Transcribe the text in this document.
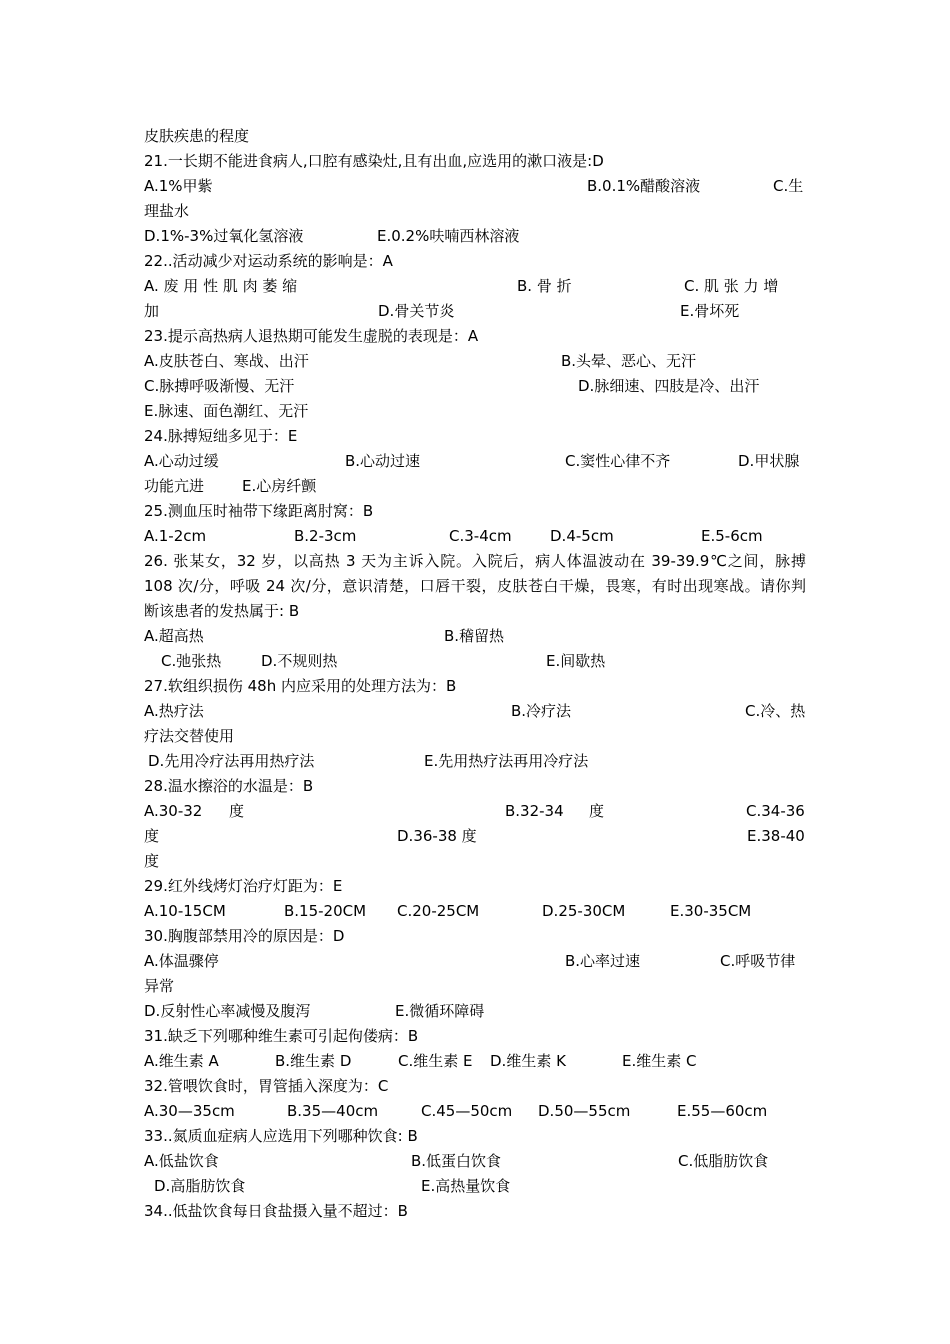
皮肤疾患的程度
21.一长期不能进食病人,口腔有感染灶,且有出血,应选用的漱口液是:D
A.1%甲紫	B.0.1%醋酸溶液	C.生
理盐水
D.1%-3%过氧化氢溶液	E.0.2%呋喃西林溶液
22..活动减少对运动系统的影响是：A
A. 废 用 性 肌 肉 萎 缩	B. 骨 折	C. 肌 张 力 增
加	D.骨关节炎	E.骨坏死
23.提示高热病人退热期可能发生虚脱的表现是：A
A.皮肤苍白、寒战、出汗	B.头晕、恶心、无汗
C.脉搏呼吸渐慢、无汗	D.脉细速、四肢是冷、出汗
E.脉速、面色潮红、无汗
24.脉搏短绌多见于：E
A.心动过缓	B.心动过速	C.窦性心律不齐	D.甲状腺
功能亢进	E.心房纤颤
25.测血压时袖带下缘距离肘窝：B
A.1-2cm	B.2-3cm	C.3-4cm	D.4-5cm	E.5-6cm
26. 张某女，32 岁，以高热 3 天为主诉入院。入院后，病人体温波动在 39-39.9℃之间，脉搏
108 次/分，呼吸 24 次/分，意识清楚，口唇干裂，皮肤苍白干燥，畏寒，有时出现寒战。请你判
断该患者的发热属于: B
A.超高热	B.稽留热
C.弛张热	D.不规则热	E.间歇热
27.软组织损伤 48h 内应采用的处理方法为：B
A.热疗法	B.冷疗法	C.冷、热
疗法交替使用
D.先用冷疗法再用热疗法	E.先用热疗法再用冷疗法
28.温水擦浴的水温是：B
A.30-32 度	B.32-34 度	C.34-36
度	D.36-38 度	E.38-40
度
29.红外线烤灯治疗灯距为：E
A.10-15CM	B.15-20CM C.20-25CM	D.25-30CM	E.30-35CM
30.胸腹部禁用冷的原因是：D
A.体温骤停	B.心率过速	C.呼吸节律
异常
D.反射性心率减慢及腹泻	E.微循环障碍
31.缺乏下列哪种维生素可引起佝偻病：B
A.维生素 A	B.维生素 D	C.维生素 E D.维生素 K	E.维生素 C
32.管喂饮食时，胃管插入深度为：C
A.30—35cm	B.35—40cm	C.45—50cm D.50—55cm	E.55—60cm
33..氮质血症病人应选用下列哪种饮食: B
A.低盐饮食	B.低蛋白饮食	C.低脂肪饮食
D.高脂肪饮食	E.高热量饮食
34..低盐饮食每日食盐摄入量不超过：B
